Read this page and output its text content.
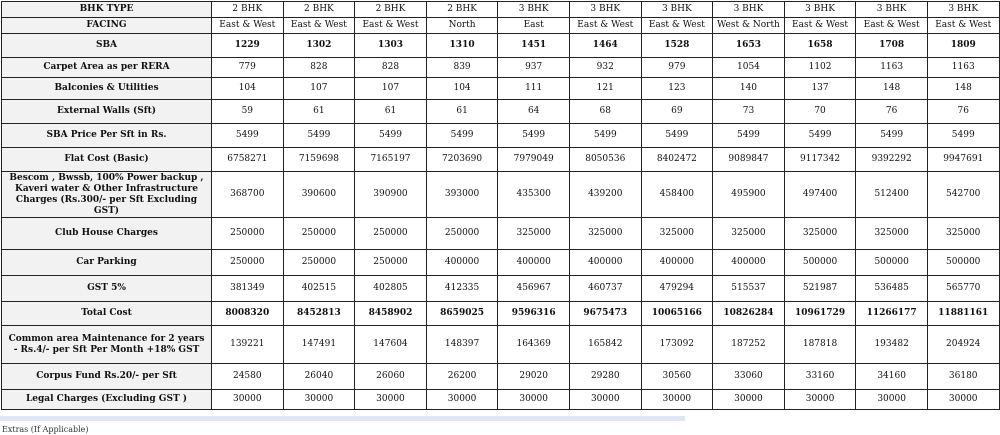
BHK TYPE	2 BHK	2 BHK	2 BHK	2 BHK	3 BHK	3 BHK	3 BHK	3 BHK	3 BHK	3 BHK	3 BHK
FACING	East & West	East & West	East & West	North	East	East & West	East & West	West & North	East & West	East & West	East & West
SBA	1229	1302	1303	1310	1451	1464	1528	1653	1658	1708	1809
Carpet Area as per RERA	779	828	828	839	937	932	979	1054	1102	1163	1163
Balconies & Utilities	104	107	107	104	111	121	123	140	137	148	148
External Walls (Sft)	59	61	61	61	64	68	69	73	70	76	76
SBA Price Per Sft in Rs.	5499	5499	5499	5499	5499	5499	5499	5499	5499	5499	5499
Flat Cost (Basic)	6758271	7159698	7165197	7203690	7979049	8050536	8402472	9089847	9117342	9392292	9947691
Bescom , Bwssb, 100% Power backup , Kaveri water & Other Infrastructure Charges (Rs.300/- per Sft Excluding GST)	368700	390600	390900	393000	435300	439200	458400	495900	497400	512400	542700
Club House Charges	250000	250000	250000	250000	325000	325000	325000	325000	325000	325000	325000
Car Parking	250000	250000	250000	400000	400000	400000	400000	400000	500000	500000	500000
GST 5%	381349	402515	402805	412335	456967	460737	479294	515537	521987	536485	565770
Total Cost	8008320	8452813	8458902	8659025	9596316	9675473	10065166	10826284	10961729	11266177	11881161
Common area Maintenance for 2 years - Rs.4/- per Sft Per Month +18% GST	139221	147491	147604	148397	164369	165842	173092	187252	187818	193482	204924
Corpus Fund Rs.20/- per Sft	24580	26040	26060	26200	29020	29280	30560	33060	33160	34160	36180
Legal Charges (Excluding GST )	30000	30000	30000	30000	30000	30000	30000	30000	30000	30000	30000
Extras (If Applicable)
